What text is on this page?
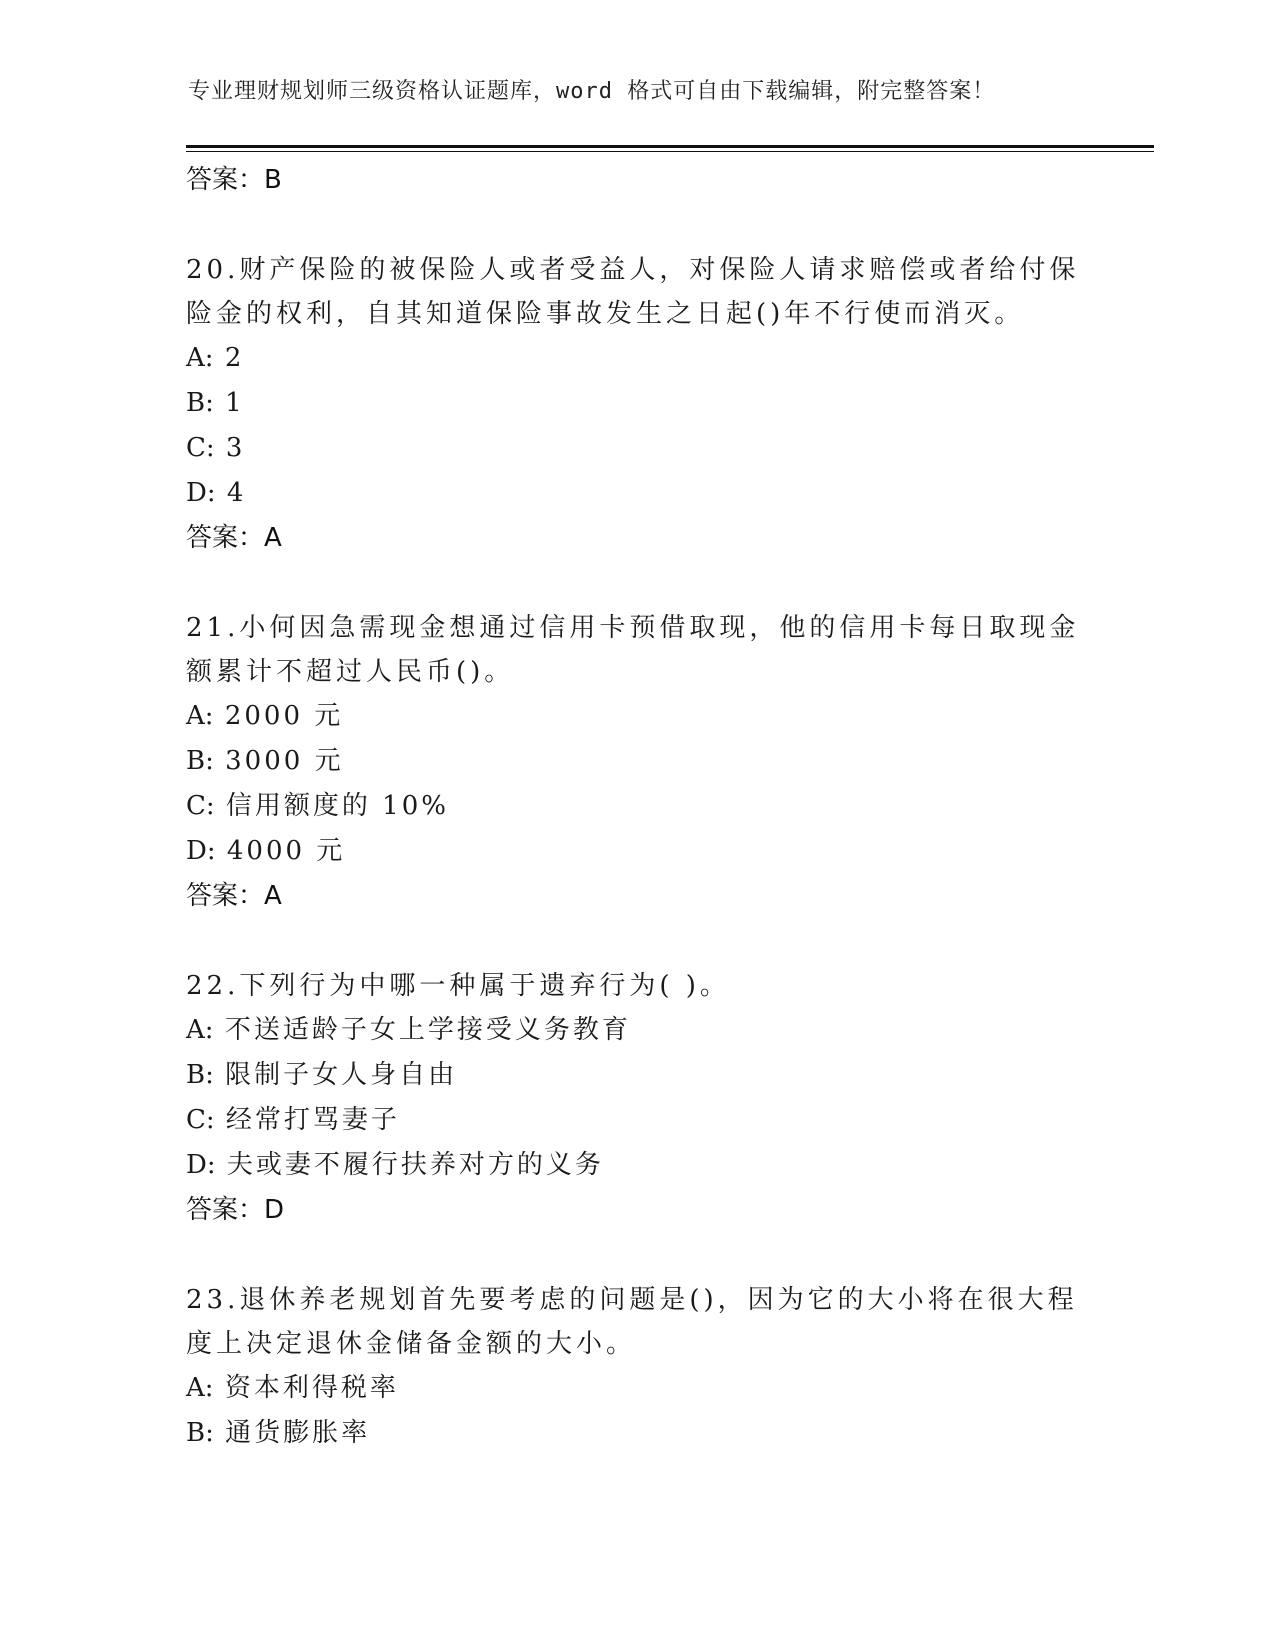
专业理财规划师三级资格认证题库，word 格式可自由下载编辑，附完整答案！
答案：B
20.财产保险的被保险人或者受益人，对保险人请求赔偿或者给付保险金的权利，自其知道保险事故发生之日起()年不行使而消灭。
A: 2
B: 1
C: 3
D: 4
答案：A
21.小何因急需现金想通过信用卡预借取现，他的信用卡每日取现金额累计不超过人民币()。
A: 2000 元
B: 3000 元
C: 信用额度的 10%
D: 4000 元
答案：A
22.下列行为中哪一种属于遗弃行为( )。
A: 不送适龄子女上学接受义务教育
B: 限制子女人身自由
C: 经常打骂妻子
D: 夫或妻不履行扶养对方的义务
答案：D
23.退休养老规划首先要考虑的问题是()，因为它的大小将在很大程度上决定退休金储备金额的大小。
A: 资本利得税率
B: 通货膨胀率
